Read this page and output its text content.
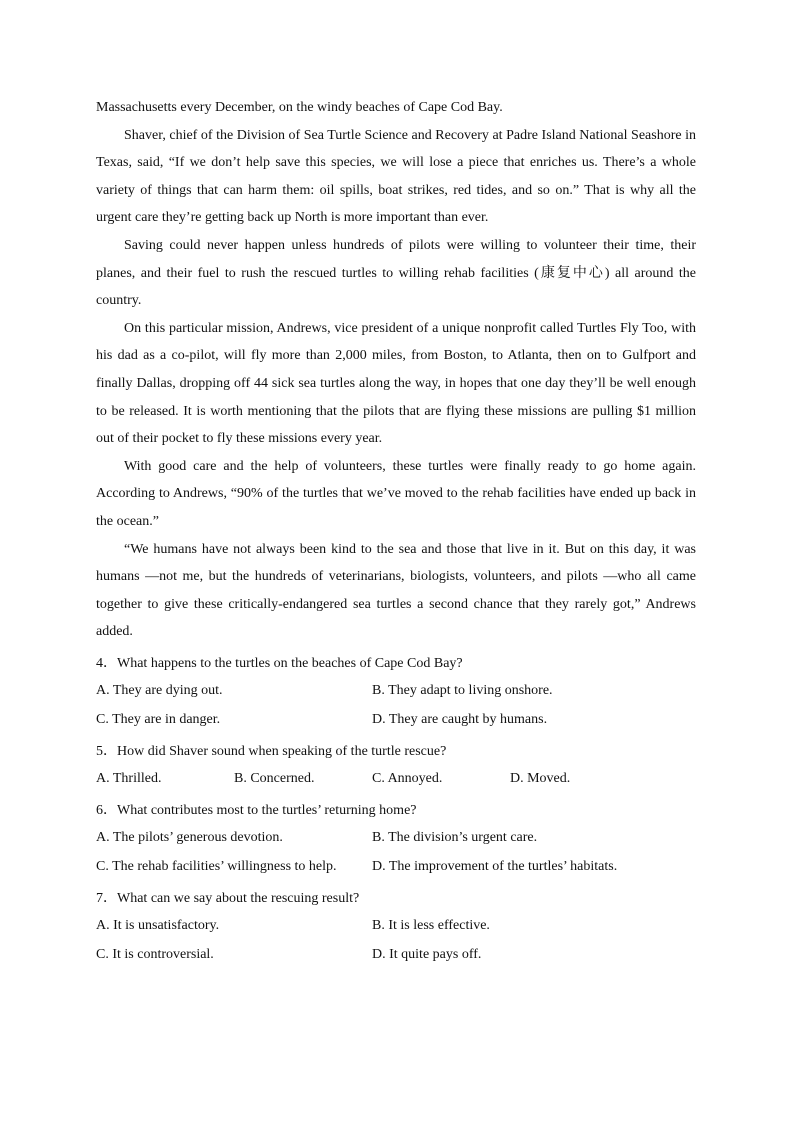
Massachusetts every December, on the windy beaches of Cape Cod Bay.

Shaver, chief of the Division of Sea Turtle Science and Recovery at Padre Island National Seashore in Texas, said, “If we don’t help save this species, we will lose a piece that enriches us. There’s a whole variety of things that can harm them: oil spills, boat strikes, red tides, and so on.” That is why all the urgent care they’re getting back up North is more important than ever.

Saving could never happen unless hundreds of pilots were willing to volunteer their time, their planes, and their fuel to rush the rescued turtles to willing rehab facilities (康复中心) all around the country.

On this particular mission, Andrews, vice president of a unique nonprofit called Turtles Fly Too, with his dad as a co-pilot, will fly more than 2,000 miles, from Boston, to Atlanta, then on to Gulfport and finally Dallas, dropping off 44 sick sea turtles along the way, in hopes that one day they’ll be well enough to be released. It is worth mentioning that the pilots that are flying these missions are pulling $1 million out of their pocket to fly these missions every year.

With good care and the help of volunteers, these turtles were finally ready to go home again. According to Andrews, “90% of the turtles that we’ve moved to the rehab facilities have ended up back in the ocean.”

“We humans have not always been kind to the sea and those that live in it. But on this day, it was humans —not me, but the hundreds of veterinarians, biologists, volunteers, and pilots —who all came together to give these critically-endangered sea turtles a second chance that they rarely got,” Andrews added.

4．What happens to the turtles on the beaches of Cape Cod Bay?

A. They are dying out.	B. They adapt to living onshore.
C. They are in danger.	D. They are caught by humans.

5．How did Shaver sound when speaking of the turtle rescue?

A. Thrilled.	B. Concerned.	C. Annoyed.	D. Moved.

6．What contributes most to the turtles’ returning home?

A. The pilots’ generous devotion.	B. The division’s urgent care.
C. The rehab facilities’ willingness to help.	D. The improvement of the turtles’ habitats.

7．What can we say about the rescuing result?

A. It is unsatisfactory.	B. It is less effective.
C. It is controversial.	D. It quite pays off.
